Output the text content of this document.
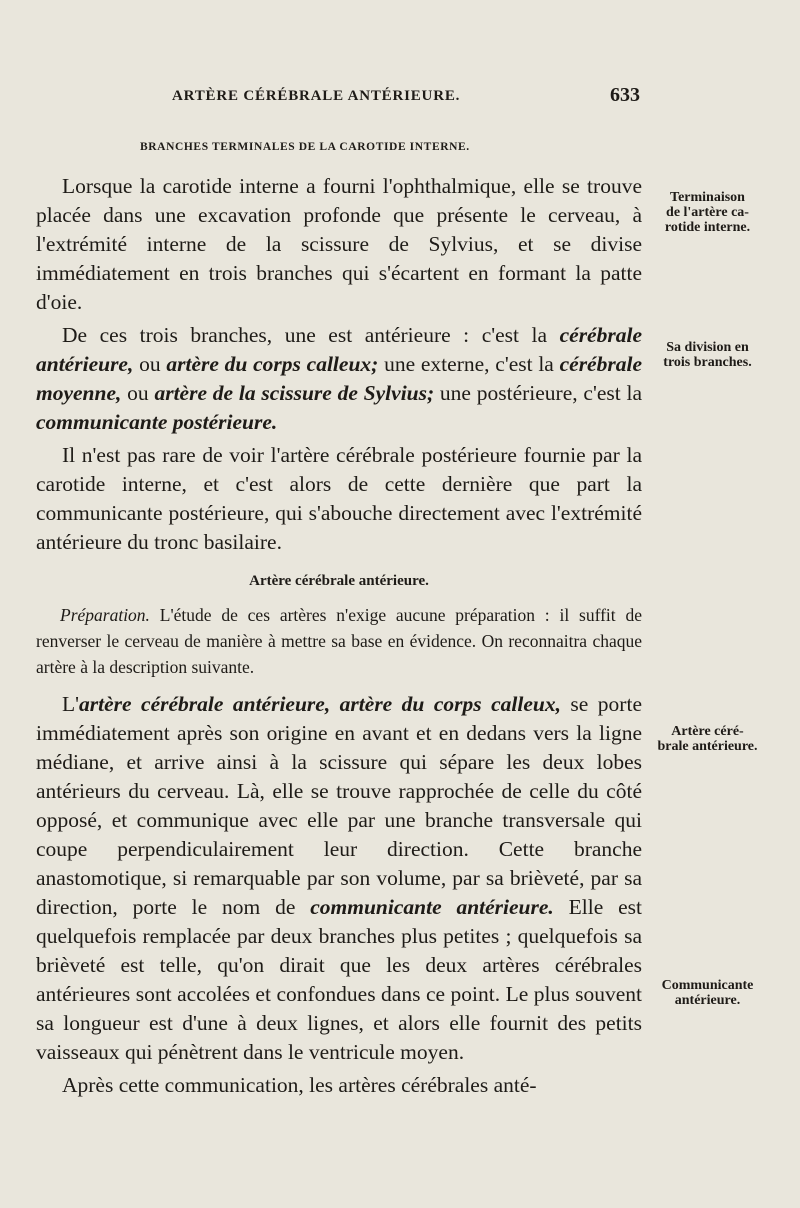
ARTÈRE CÉRÉBRALE ANTÉRIEURE.	633
BRANCHES TERMINALES DE LA CAROTIDE INTERNE.

Lorsque la carotide interne a fourni l'ophthalmique, elle se trouve placée dans une excavation profonde que présente le cerveau, à l'extrémité interne de la scissure de Sylvius, et se divise immédiatement en trois branches qui s'écartent en formant la patte d'oie.

De ces trois branches, une est antérieure : c'est la cérébrale antérieure, ou artère du corps calleux; une externe, c'est la cérébrale moyenne, ou artère de la scissure de Sylvius; une postérieure, c'est la communicante postérieure.

Il n'est pas rare de voir l'artère cérébrale postérieure fournie par la carotide interne, et c'est alors de cette dernière que part la communicante postérieure, qui s'abouche directement avec l'extrémité antérieure du tronc basilaire.

Artère cérébrale antérieure.

Préparation. L'étude de ces artères n'exige aucune préparation : il suffit de renverser le cerveau de manière à mettre sa base en évidence. On reconnaitra chaque artère à la description suivante.

L'artère cérébrale antérieure, artère du corps calleux, se porte immédiatement après son origine en avant et en dedans vers la ligne médiane, et arrive ainsi à la scissure qui sépare les deux lobes antérieurs du cerveau. Là, elle se trouve rapprochée de celle du côté opposé, et communique avec elle par une branche transversale qui coupe perpendiculairement leur direction. Cette branche anastomotique, si remarquable par son volume, par sa brièveté, par sa direction, porte le nom de communicante antérieure. Elle est quelquefois remplacée par deux branches plus petites ; quelquefois sa brièveté est telle, qu'on dirait que les deux artères cérébrales antérieures sont accolées et confondues dans ce point. Le plus souvent sa longueur est d'une à deux lignes, et alors elle fournit des petits vaisseaux qui pénètrent dans le ventricule moyen.

Après cette communication, les artères cérébrales anté-

Terminaison
de l'artère ca-
rotide interne.
Sa division en
trois branches.
Artère céré-
brale antérieure.
Communicante
antérieure.
